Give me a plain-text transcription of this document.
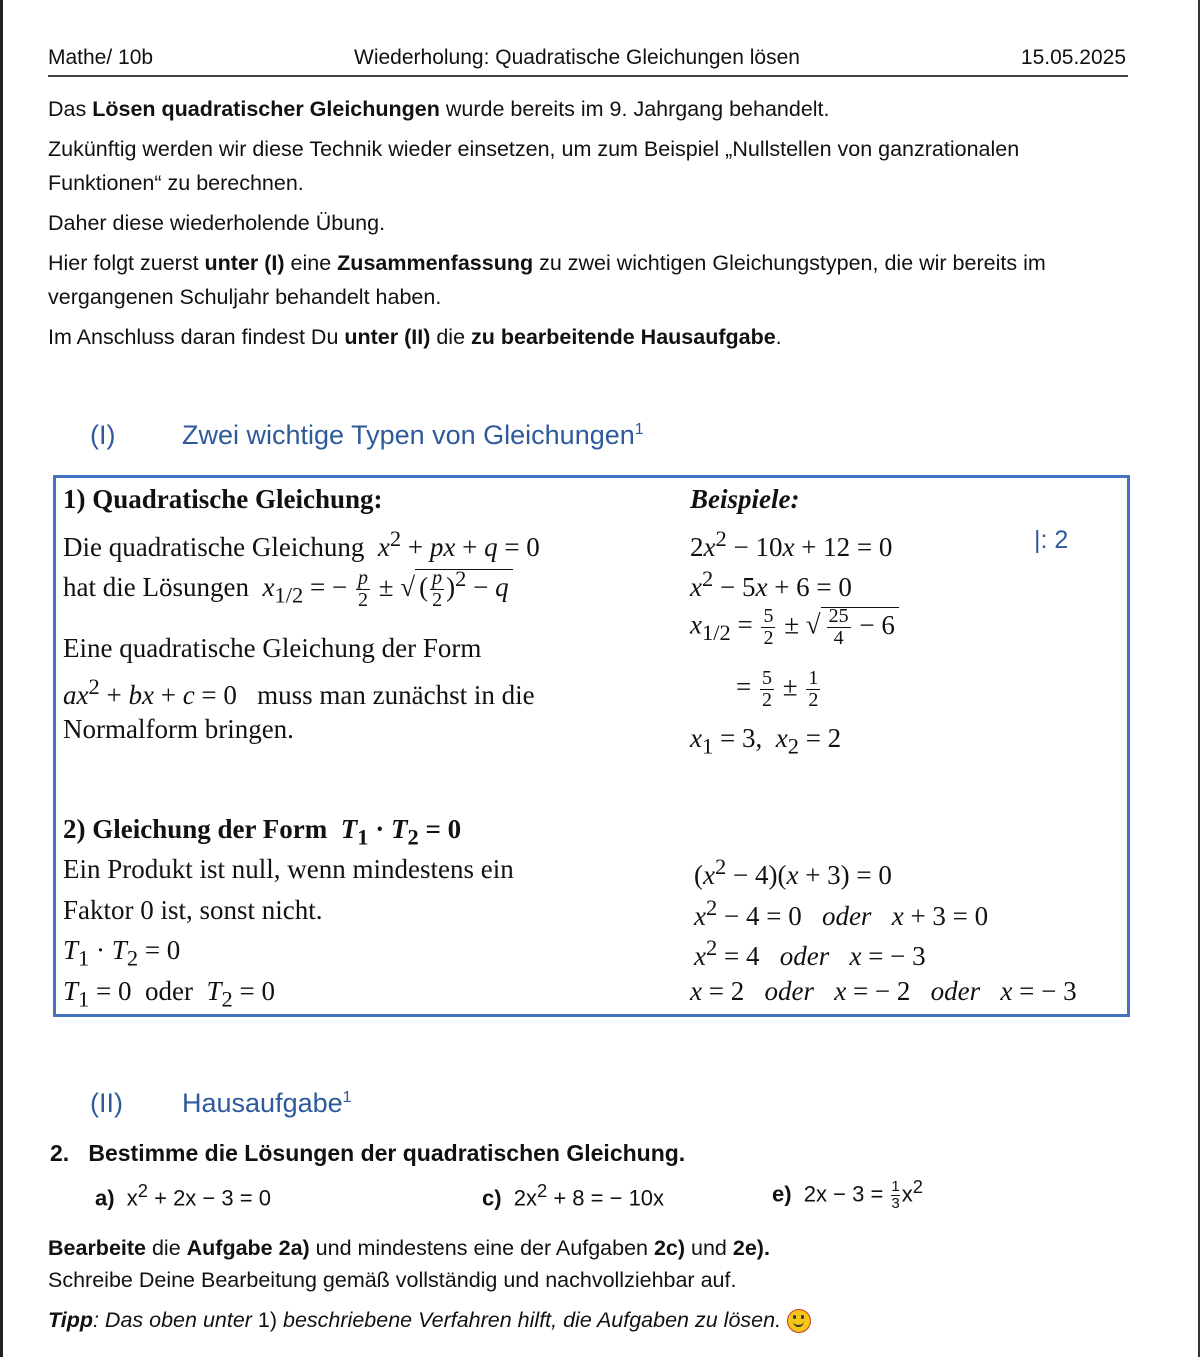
Mathe/ 10b	Wiederholung: Quadratische Gleichungen lösen	15.05.2025

Das Lösen quadratischer Gleichungen wurde bereits im 9. Jahrgang behandelt.

Zukünftig werden wir diese Technik wieder einsetzen, um zum Beispiel „Nullstellen von ganzrationalen Funktionen“ zu berechnen.

Daher diese wiederholende Übung.

Hier folgt zuerst unter (I) eine Zusammenfassung zu zwei wichtigen Gleichungstypen, die wir bereits im vergangenen Schuljahr behandelt haben.

Im Anschluss daran findest Du unter (II) die zu bearbeitende Hausaufgabe.

(I) Zwei wichtige Typen von Gleichungen$^1$
1) Quadratische Gleichung:	Beispiele:
Die quadratische Gleichung $x^2$ + px + q = 0
hat die Lösungen $x_{1/2}$ = − $\frac{p}{2}$ ± √ ( $\frac{p}{2} )^2 - q$
Eine quadratische Gleichung der Form
$ax^2$ + bx + c = 0   muss man zunächst in die
Normalform bringen.
$2x^2 - 10x + 12 = 0$	|: 2
$x^2 - 5x + 6 = 0$
$x_{1/2} = \frac{5}{2}$ ± √ $\frac{25}{4} - 6$
= $\frac{5}{2} \pm \frac{1}{2}$
$x_1 = 3$,  $x_2 = 2$
2) Gleichung der Form $T_1 \cdot T_2 = 0$
Ein Produkt ist null, wenn mindestens ein
Faktor 0 ist, sonst nicht.
$T_1 \cdot T_2 = 0$
$T_1 = 0$  oder $T_2 = 0$
$(x^2 - 4)(x + 3) = 0$
$x^2 - 4 = 0$   oder x + 3 = 0
$x^2 = 4$   oder x = − 3
x = 2   oder x = − 2   oder x = − 3
(II) Hausaufgabe$^1$
2. Bestimme die Lösungen der quadratischen Gleichung.
a)  $x^2 + 2x - 3 = 0$	c)  $2x^2 + 8$ = − 10x	e)  $2x - 3 = \frac{1}{3}x^2$
Bearbeite die Aufgabe 2a) und mindestens eine der Aufgaben 2c) und 2e).
Schreibe Deine Bearbeitung gemäß vollständig und nachvollziehbar auf.
Tipp: Das oben unter 1) beschriebene Verfahren hilft, die Aufgaben zu lösen.
